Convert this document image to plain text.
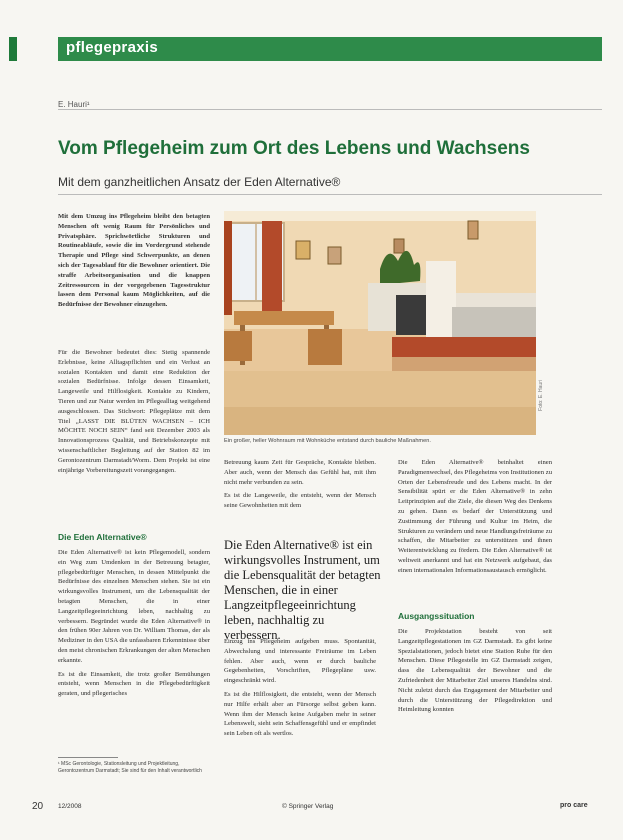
pflegepraxis
E. Hauri¹
Vom Pflegeheim zum Ort des Lebens und Wachsens
Mit dem ganzheitlichen Ansatz der Eden Alternative®
Mit dem Umzug ins Pflegeheim bleibt den betagten Menschen oft wenig Raum für Persönliches und Privatsphäre. Sprichwörtliche Strukturen und Routineabläufe, sowie die im Vordergrund stehende Therapie und Pflege sind Schwerpunkte, an denen sich der Tagesablauf für die Bewohner orientiert. Die straffe Arbeitsorganisation und die knappen Zeitressourcen in der vorgegebenen Tagesstruktur lassen dem Personal kaum Möglichkeiten, auf die Bedürfnisse der Bewohner einzugehen.

Für die Bewohner bedeutet dies: Stetig spannende Erlebnisse, keine Alltagspflichten und ein Verlust an sozialen Kontakten und damit eine Reduktion der sozialen Bedürfnisse. Infolge dessen Einsamkeit, Langeweile und Hilflosigkeit. Kontakte zu Kindern, Tieren und zur Natur werden im Pflegealltag weitgehend ausgeschlossen. Das Stichwort: Pflegeplätze mit dem Titel „LASST DIE BLÜTEN WACHSEN – ICH MÖCHTE NOCH SEIN“ fand seit Dezember 2003 als Innovationsprozess Qualität, und Betriebskonzepte mit wissenschaftlicher Begleitung auf der Station 82 im Gerontozentrum Darmstadt/Worm. Dem Projekt ist eine einjährige Vorbereitungszeit vorangegangen.

Die Eden Alternative®

Die Eden Alternative® ist kein Pflegemodell, sondern ein Weg zum Umdenken in der Betreuung betagter, pflegebedürftiger Menschen, in dessen Mittelpunkt die Bedürfnisse des einzelnen Menschen stehen. Sie ist ein wirkungsvolles Instrument, um die Lebensqualität der betagten Menschen, die in einer Langzeitpflegeeinrichtung leben, nachhaltig zu verbessern. Begründet wurde die Eden Alternative® in den frühen 90er Jahren von Dr. William Thomas, der als Mediziner in den USA die unfassbaren Erkenntnisse über den meist chronischen Erkrankungen der alten Menschen erkannte.

Es ist die Einsamkeit, die trotz großer Bemühungen entsteht, wenn Menschen in die Pflegebedürftigkeit geraten, und pflegerisches

Foto: E. Hauri
Ein großer, heller Wohnraum mit Wohnküche entstand durch bauliche Maßnahmen.

Betreuung kaum Zeit für Gespräche, Kontakte bleiben. Aber auch, wenn der Mensch das Gefühl hat, mit ihm nicht mehr verbunden zu sein.

Es ist die Langeweile, die entsteht, wenn der Mensch seine Gewohnheiten mit dem

Die Eden Alternative® ist ein wirkungsvolles Instrument, um die Lebensqualität der betagten Menschen, die in einer Langzeitpflegeeinrichtung leben, nachhaltig zu verbessern.

Einzug ins Pflegeheim aufgeben muss. Spontanität, Abwechslung und interessante Freiräume im Leben fehlen. Aber auch, wenn er durch bauliche Gegebenheiten, Vorschriften, Pflegepläne usw. eingeschränkt wird.

Es ist die Hilflosigkeit, die entsteht, wenn der Mensch nur Hilfe erhält aber an Fürsorge selbst geben kann. Wenn ihm der Mensch keine Aufgaben mehr in seiner Lebenswelt, sieht sein Schaffensgefühl und er empfindet sein Leben oft als wertlos.

Die Eden Alternative® beinhaltet einen Paradigmenwechsel, des Pflegeheims von Institutionen zu Orten der Lebensfreude und des Lebens macht. In der Sensibilität spürt er die Eden Alternative® in zehn Leitprinzipien auf die Ziele, die diesen Weg des Denkens zu gehen. Dann es bedarf der Unterstützung und Zustimmung der Führung und Kultur im Heim, die Strukturen zu verändern und neue Handlungsfreiräume zu schaffen, die Mitarbeiter zu unterstützen und ihnen Weiterentwicklung zu fördern. Die Eden Alternative® ist weltweit anerkannt und hat ein Netzwerk aufgebaut, das einen internationalen Informationsaustausch ermöglicht.

Ausgangssituation

Die Projektstation besteht von seit Langzeitpflegestationen im GZ Darmstadt. Es gibt keine Spezialstationen, jedoch bietet eine Station Ruhe für den Menschen. Diese Pflegestelle im GZ Darmstadt zeigen, dass die Lebensqualität der Bewohner und die Zufriedenheit der Mitarbeiter Ziel unseres Handelns sind. Nicht zuletzt durch das Engagement der Mitarbeiter und durch die Unterstützung der Pflegedirektion und Heimleitung konnten

¹ MSc Gerontologie, Stationsleitung und Projektleitung, Gerontozentrum Darmstadt; Sie sind für den Inhalt verantwortlich
20 12/2008	© Springer Verlag	pro care
